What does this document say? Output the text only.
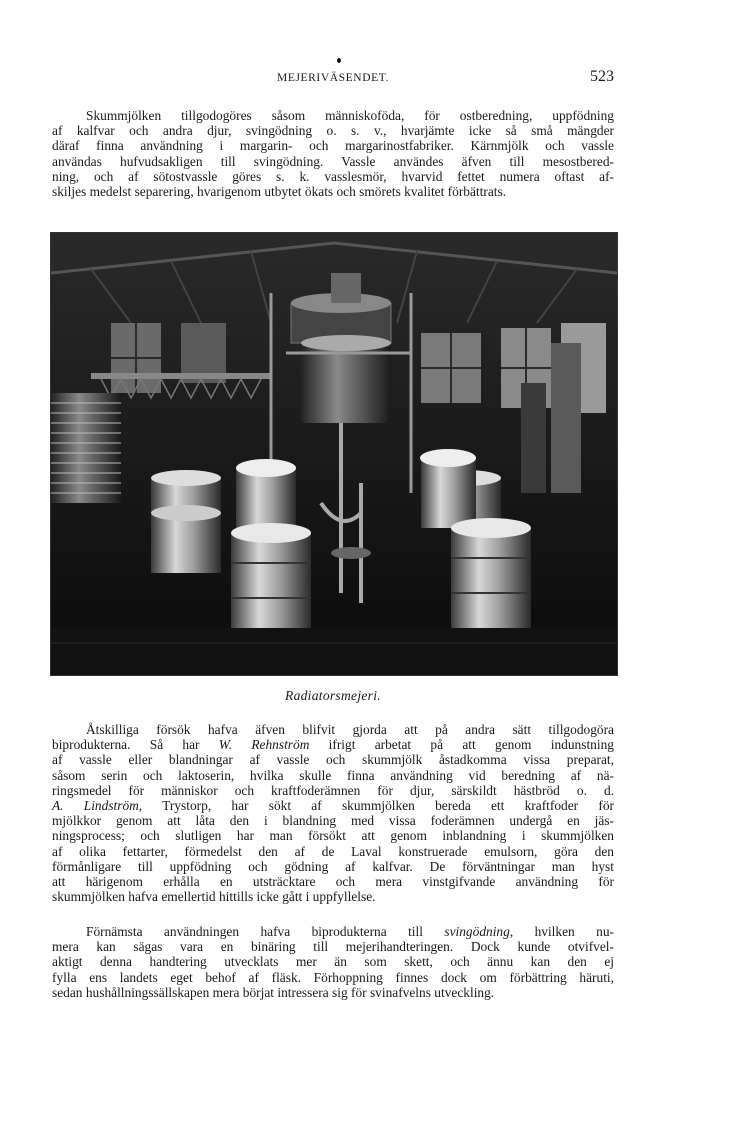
MEJERIVÄSENDET.	523

Skummjölken tillgodogöres såsom människoföda, för ostberedning, uppfödning
af kalfvar och andra djur, svingödning o. s. v., hvarjämte icke så små mängder
däraf finna användning i margarin- och margarinostfabriker. Kärnmjölk och vassle
användas hufvudsakligen till svingödning. Vassle användes äfven till mesostbered-
ning, och af sötostvassle göres s. k. vasslesmör, hvarvid fettet numera oftast af-
skiljes medelst separering, hvarigenom utbytet ökats och smörets kvalitet förbättrats.

Radiatorsmejeri.

Åtskilliga försök hafva äfven blifvit gjorda att på andra sätt tillgodogöra
biprodukterna. Så har W. Rehnström ifrigt arbetat på att genom indunstning
af vassle eller blandningar af vassle och skummjölk åstadkomma vissa preparat,
såsom serin och laktoserin, hvilka skulle finna användning vid beredning af nä-
ringsmedel för människor och kraftfoderämnen för djur, särskildt hästbröd o. d.
A. Lindström, Trystorp, har sökt af skummjölken bereda ett kraftfoder för
mjölkkor genom att låta den i blandning med vissa foderämnen undergå en jäs-
ningsprocess; och slutligen har man försökt att genom inblandning i skummjölken
af olika fettarter, förmedelst den af de Laval konstruerade emulsorn, göra den
förmånligare till uppfödning och gödning af kalfvar. De förväntningar man hyst
att härigenom erhålla en utsträcktare och mera vinstgifvande användning för
skummjölken hafva emellertid hittills icke gått i uppfyllelse.

Förnämsta användningen hafva biprodukterna till svingödning, hvilken nu-
mera kan sägas vara en binäring till mejerihandteringen. Dock kunde otvifvel-
aktigt denna handtering utvecklats mer än som skett, och ännu kan den ej
fylla ens landets eget behof af fläsk. Förhoppning finnes dock om förbättring häruti,
sedan hushållningssällskapen mera börjat intressera sig för svinafvelns utveckling.
